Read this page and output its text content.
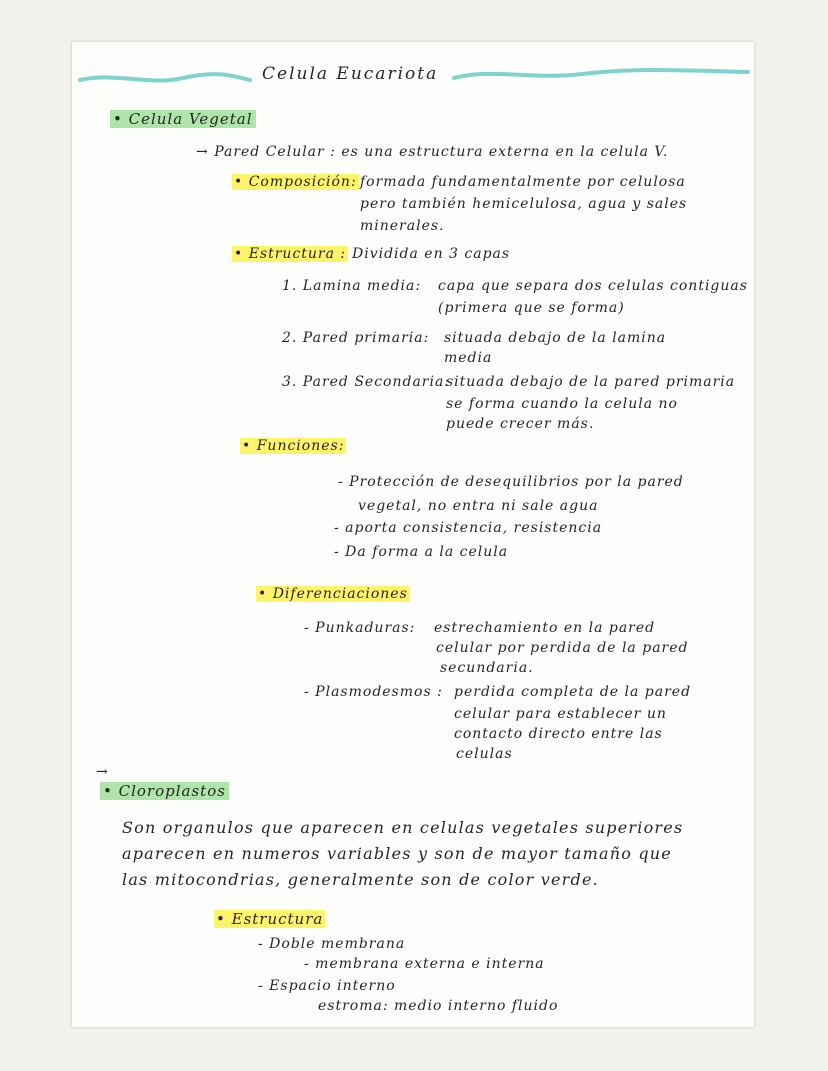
Celula Eucariota
• Celula Vegetal
→ Pared Celular : es una estructura externa en la celula V.
• Composición: formada fundamentalmente por celulosa
pero también hemicelulosa, agua y sales
minerales.
• Estructura : Dividida en 3 capas
1. Lamina media: capa que separa dos celulas contiguas
(primera que se forma)
2. Pared primaria: situada debajo de la lamina
media
3. Pared Secondaria:
situada debajo de la pared primaria
se forma cuando la celula no
puede crecer más.
• Funciones:
- Protección de desequilibrios por la pared
vegetal, no entra ni sale agua
- aporta consistencia, resistencia
- Da forma a la celula
• Diferenciaciones
- Punkaduras: estrechamiento en la pared
celular por perdida de la pared
secundaria.
- Plasmodesmos : perdida completa de la pared
celular para establecer un
contacto directo entre las
celulas
→
• Cloroplastos
Son organulos que aparecen en celulas vegetales superiores
aparecen en numeros variables y son de mayor tamaño que
las mitocondrias, generalmente son de color verde.
• Estructura
- Doble membrana
- membrana externa e interna
- Espacio interno
estroma: medio interno fluido
